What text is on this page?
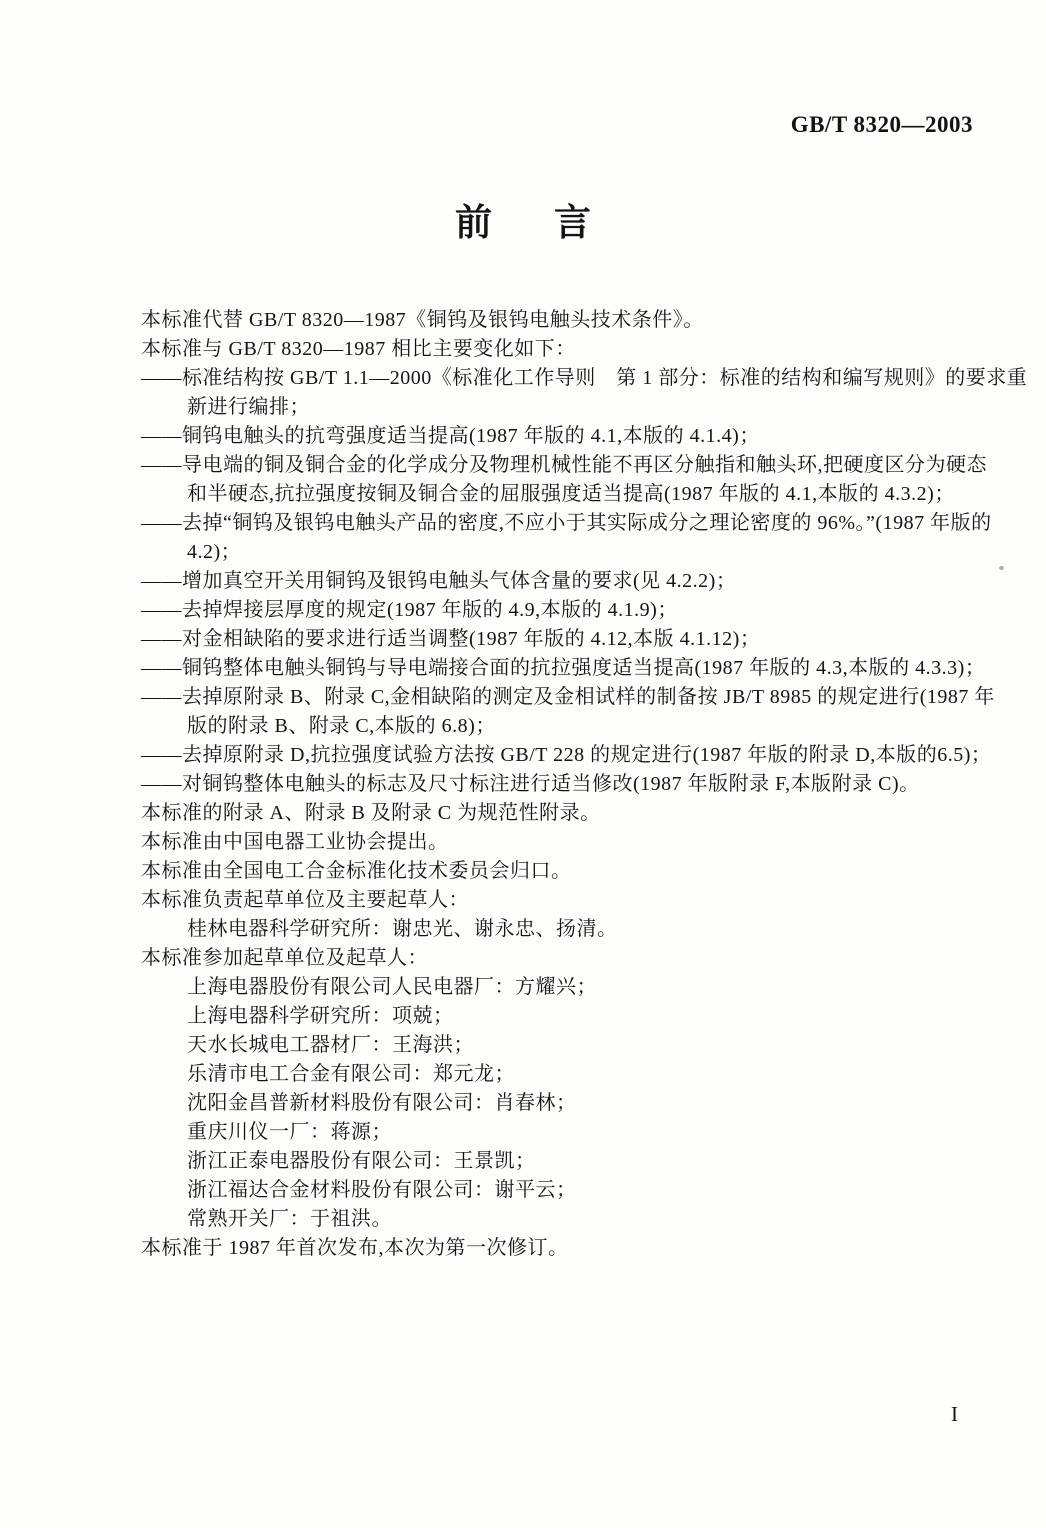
GB/T 8320—2003
前 言
本标准代替 GB/T 8320—1987《铜钨及银钨电触头技术条件》。
本标准与 GB/T 8320—1987 相比主要变化如下：
——标准结构按 GB/T 1.1—2000《标准化工作导则　第 1 部分：标准的结构和编写规则》的要求重
新进行编排；
——铜钨电触头的抗弯强度适当提高(1987 年版的 4.1,本版的 4.1.4)；
——导电端的铜及铜合金的化学成分及物理机械性能不再区分触指和触头环,把硬度区分为硬态
和半硬态,抗拉强度按铜及铜合金的屈服强度适当提高(1987 年版的 4.1,本版的 4.3.2)；
——去掉“铜钨及银钨电触头产品的密度,不应小于其实际成分之理论密度的 96%。”(1987 年版的
4.2)；
——增加真空开关用铜钨及银钨电触头气体含量的要求(见 4.2.2)；
——去掉焊接层厚度的规定(1987 年版的 4.9,本版的 4.1.9)；
——对金相缺陷的要求进行适当调整(1987 年版的 4.12,本版 4.1.12)；
——铜钨整体电触头铜钨与导电端接合面的抗拉强度适当提高(1987 年版的 4.3,本版的 4.3.3)；
——去掉原附录 B、附录 C,金相缺陷的测定及金相试样的制备按 JB/T 8985 的规定进行(1987 年
版的附录 B、附录 C,本版的 6.8)；
——去掉原附录 D,抗拉强度试验方法按 GB/T 228 的规定进行(1987 年版的附录 D,本版的6.5)；
——对铜钨整体电触头的标志及尺寸标注进行适当修改(1987 年版附录 F,本版附录 C)。
本标准的附录 A、附录 B 及附录 C 为规范性附录。
本标准由中国电器工业协会提出。
本标准由全国电工合金标准化技术委员会归口。
本标准负责起草单位及主要起草人：
桂林电器科学研究所：谢忠光、谢永忠、扬清。
本标准参加起草单位及起草人：
上海电器股份有限公司人民电器厂：方耀兴；
上海电器科学研究所：项兢；
天水长城电工器材厂：王海洪；
乐清市电工合金有限公司：郑元龙；
沈阳金昌普新材料股份有限公司：肖春林；
重庆川仪一厂：蒋源；
浙江正泰电器股份有限公司：王景凯；
浙江福达合金材料股份有限公司：谢平云；
常熟开关厂：于祖洪。
本标准于 1987 年首次发布,本次为第一次修订。
I
